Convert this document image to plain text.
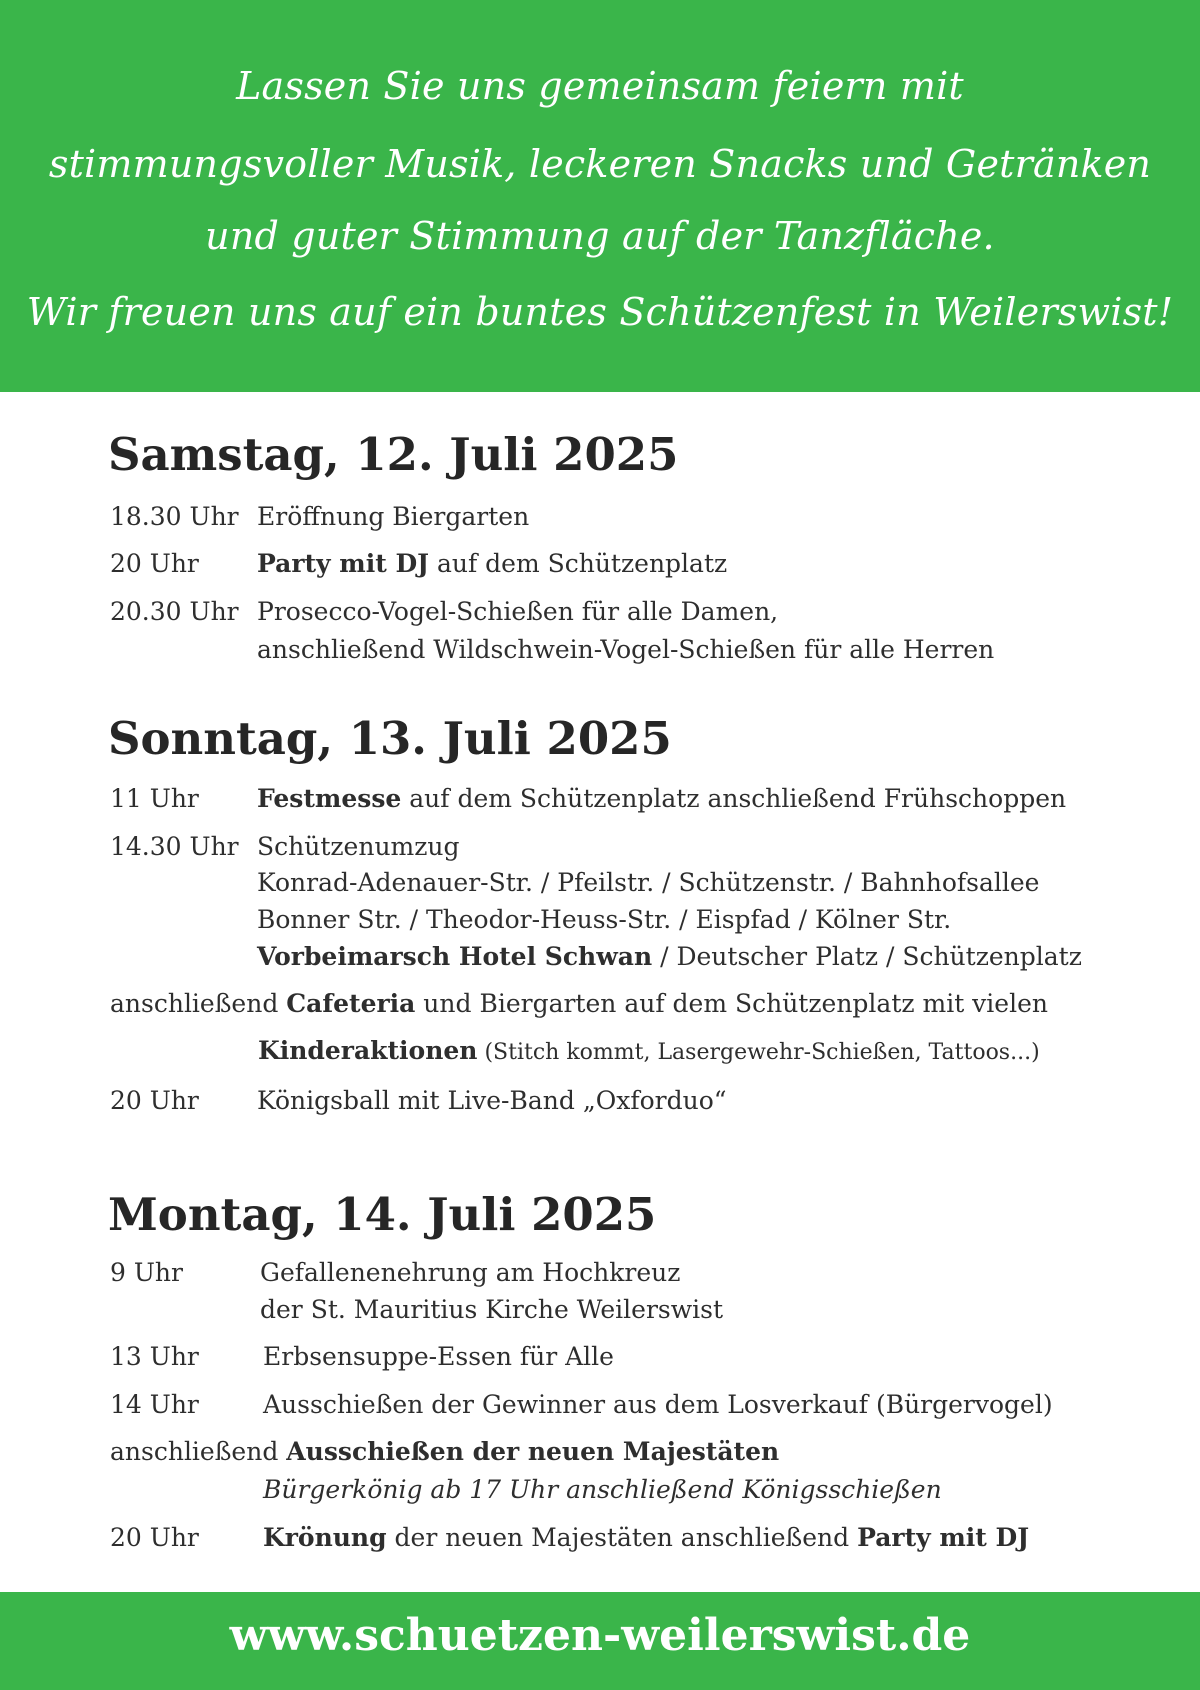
Lassen Sie uns gemeinsam feiern mit
stimmungsvoller Musik, leckeren Snacks und Getränken
und guter Stimmung auf der Tanzfläche.
Wir freuen uns auf ein buntes Schützenfest in Weilerswist!
Samstag, 12. Juli 2025
18.30 Uhr Eröffnung Biergarten
20 Uhr Party mit DJ auf dem Schützenplatz
20.30 Uhr Prosecco-Vogel-Schießen für alle Damen,
anschließend Wildschwein-Vogel-Schießen für alle Herren
Sonntag, 13. Juli 2025
11 Uhr Festmesse auf dem Schützenplatz anschließend Frühschoppen
14.30 Uhr Schützenumzug
Konrad-Adenauer-Str. / Pfeilstr. / Schützenstr. / Bahnhofsallee
Bonner Str. / Theodor-Heuss-Str. / Eispfad / Kölner Str.
Vorbeimarsch Hotel Schwan / Deutscher Platz / Schützenplatz
anschließend Cafeteria und Biergarten auf dem Schützenplatz mit vielen
Kinderaktionen (Stitch kommt, Lasergewehr-Schießen, Tattoos...)
20 Uhr Königsball mit Live-Band „Oxforduo“
Montag, 14. Juli 2025
9 Uhr	Gefallenenehrung am Hochkreuz
der St. Mauritius Kirche Weilerswist
13 Uhr	Erbsensuppe-Essen für Alle
14 Uhr	Ausschießen der Gewinner aus dem Losverkauf (Bürgervogel)
anschließend Ausschießen der neuen Majestäten
Bürgerkönig ab 17 Uhr anschließend Königsschießen
20 Uhr	Krönung der neuen Majestäten anschließend Party mit DJ
www.schuetzen-weilerswist.de
